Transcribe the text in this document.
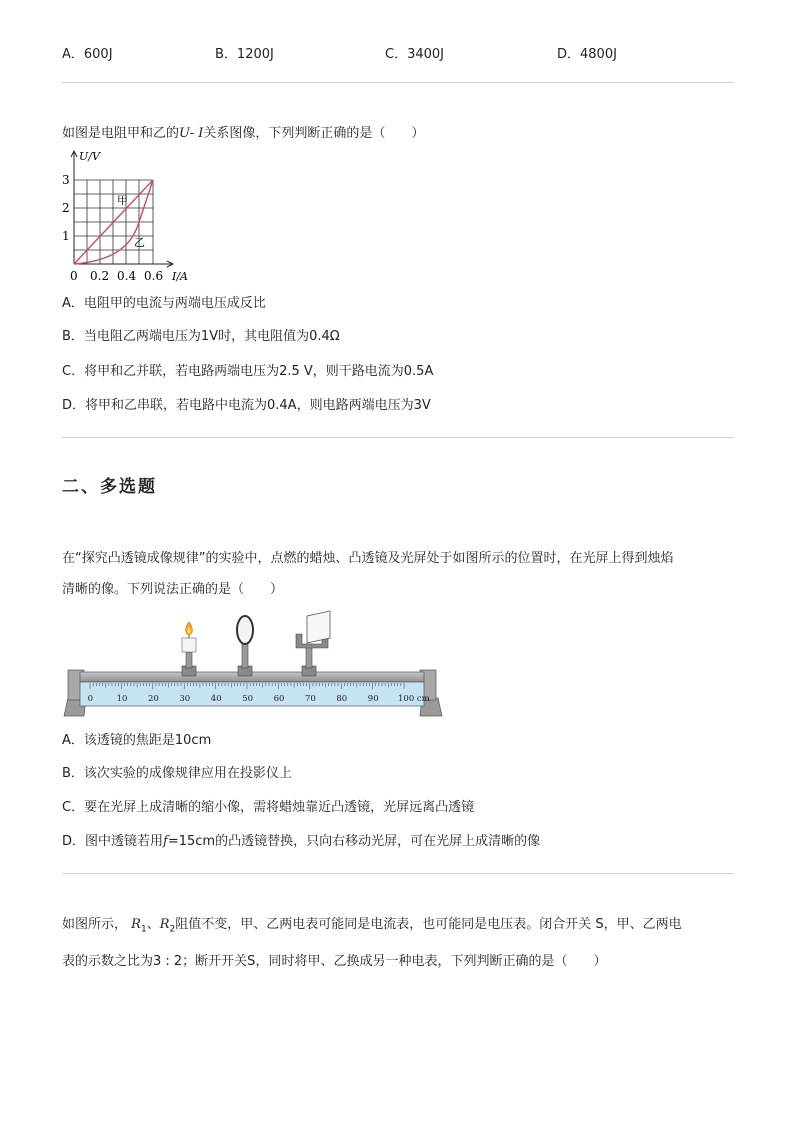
A．600J	B．1200J	C．3400J	D．4800J
如图是电阻甲和乙的U- I关系图像，下列判断正确的是（　　）
U/V
3
2
1
0 0.2 0.4 0.6 I/A
甲
乙
A．电阻甲的电流与两端电压成反比
B．当电阻乙两端电压为1V时，其电阻值为0.4Ω
C．将甲和乙并联，若电路两端电压为2.5 V，则干路电流为0.5A
D．将甲和乙串联，若电路中电流为0.4A，则电路两端电压为3V
二、多选题
在“探究凸透镜成像规律”的实验中，点燃的蜡烛、凸透镜及光屏处于如图所示的位置时，在光屏上得到烛焰
清晰的像。下列说法正确的是（　　）
0	10 20 30 40 50 60 70 80 90 100 cm
A．该透镜的焦距是10cm
B．该次实验的成像规律应用在投影仪上
C．要在光屏上成清晰的缩小像，需将蜡烛靠近凸透镜，光屏远离凸透镜
D．图中透镜若用f=15cm的凸透镜替换，只向右移动光屏，可在光屏上成清晰的像
如图所示， $R_1$、$R_2$阻值不变，甲、乙两电表可能同是电流表，也可能同是电压表。闭合开关 S，甲、乙两电
表的示数之比为3 : 2；断开开关S，同时将甲、乙换成另一种电表，下列判断正确的是（　　）
